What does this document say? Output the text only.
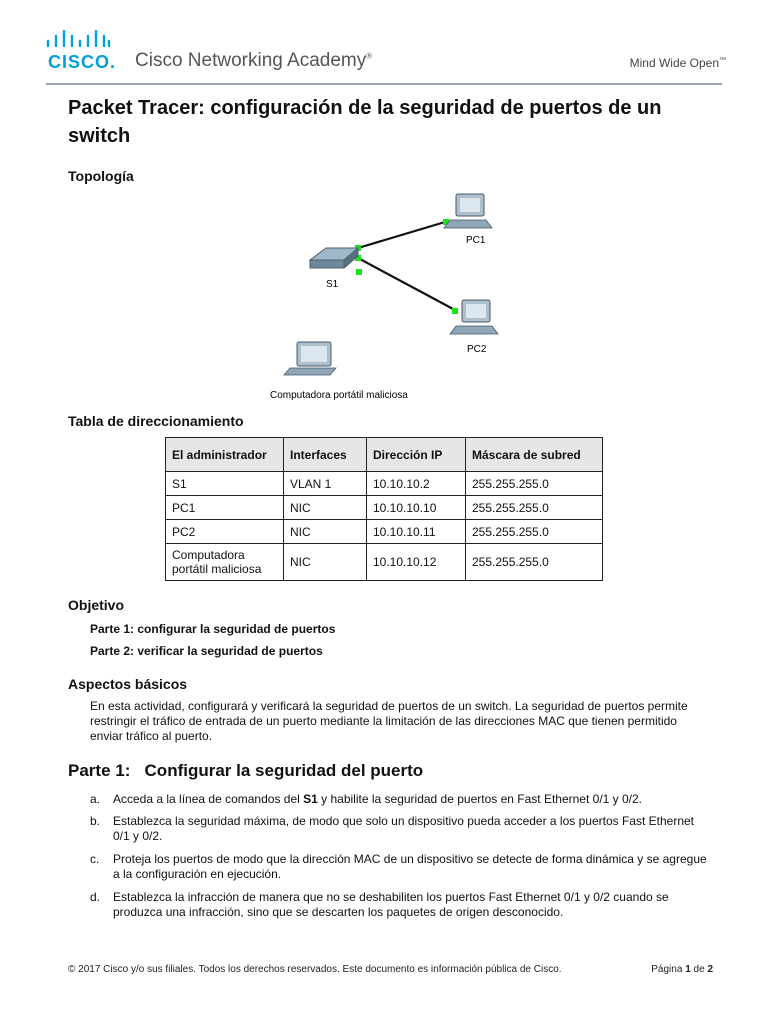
CISCO. Cisco Networking Academy®	Mind Wide Open™
Packet Tracer: configuración de la seguridad de puertos de un switch
Topología
S1
PC1
PC2
Computadora portátil maliciosa
Tabla de direccionamiento
El administrador	Interfaces	Dirección IP	Máscara de subred
S1	VLAN 1	10.10.10.2	255.255.255.0
PC1	NIC	10.10.10.10	255.255.255.0
PC2	NIC	10.10.10.11	255.255.255.0
Computadora portátil maliciosa	NIC	10.10.10.12	255.255.255.0
Objetivo
Parte 1: configurar la seguridad de puertos
Parte 2: verificar la seguridad de puertos
Aspectos básicos
En esta actividad, configurará y verificará la seguridad de puertos de un switch. La seguridad de puertos permite restringir el tráfico de entrada de un puerto mediante la limitación de las direcciones MAC que tienen permitido enviar tráfico al puerto.
Parte 1:   Configurar la seguridad del puerto
a. Acceda a la línea de comandos del S1 y habilite la seguridad de puertos en Fast Ethernet 0/1 y 0/2.
b. Establezca la seguridad máxima, de modo que solo un dispositivo pueda acceder a los puertos Fast Ethernet 0/1 y 0/2.
c. Proteja los puertos de modo que la dirección MAC de un dispositivo se detecte de forma dinámica y se agregue a la configuración en ejecución.
d. Establezca la infracción de manera que no se deshabiliten los puertos Fast Ethernet 0/1 y 0/2 cuando se produzca una infracción, sino que se descarten los paquetes de origen desconocido.
© 2017 Cisco y/o sus filiales. Todos los derechos reservados. Este documento es información pública de Cisco.	Página 1 de 2
